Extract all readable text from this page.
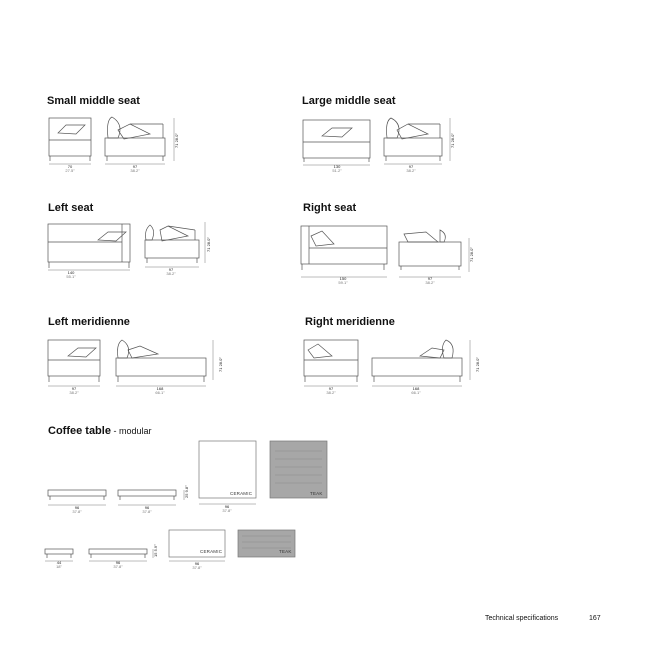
Small middle seat	Large middle seat
Left seat	Right seat
Left meridienne	Right meridienne
Coffee table - modular
70
27.5"
97
38.2"
71 28.0"
130
51.2"
97
38.2"
71 28.0"
140
55.1"
97
38.2"
71 28.0"
150
59.1"
97
38.2"
71 28.0"
97
38.2"
168
66.1"
71 28.0"
97
38.2"
168
66.1"
71 28.0"
96
37.8"
96
37.8"
25 9.8"
96
37.8"
CERAMIC	TEAK
44
18"
96
37.8"
15 5.9"
96
37.8"
CERAMIC	TEAK
Technical specifications	167
